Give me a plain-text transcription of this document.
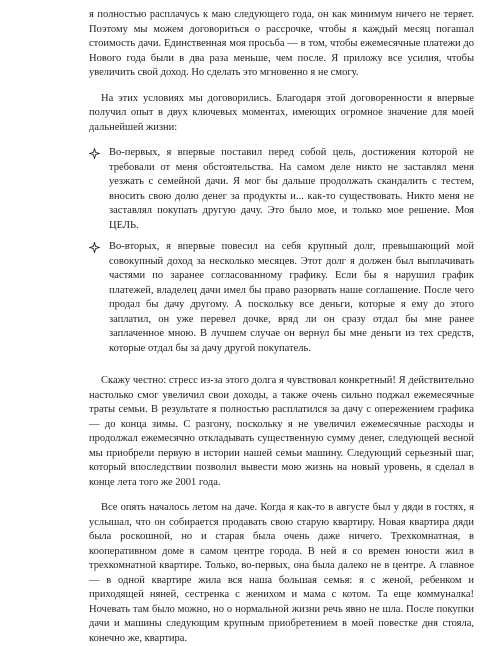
я полностью расплачусь к маю следующего года, он как минимум ничего не теряет. Поэтому мы можем договориться о рассрочке, чтобы я каждый месяц погашал стоимость дачи. Единственная моя просьба — в том, чтобы ежемесячные платежи до Нового года были в два раза меньше, чем после. Я приложу все усилия, чтобы увеличить свой доход. Но сделать это мгновенно я не смогу.

На этих условиях мы договорились. Благодаря этой договоренности я впервые получил опыт в двух ключевых моментах, имеющих огромное значение для моей дальнейшей жизни:

Во-первых, я впервые поставил перед собой цель, достижения которой не требовали от меня обстоятельства. На самом деле никто не заставлял меня уезжать с семейной дачи. Я мог бы дальше продолжать скандалить с тестем, вносить свою долю денег за продукты и... как-то существовать. Никто меня не заставлял покупать другую дачу. Это было мое, и только мое решение. Моя ЦЕЛЬ.
Во-вторых, я впервые повесил на себя крупный долг, превышающий мой совокупный доход за несколько месяцев. Этот долг я должен был выплачивать частями по заранее согласованному графику. Если бы я нарушил график платежей, владелец дачи имел бы право разорвать наше соглашение. После чего продал бы дачу другому. А поскольку все деньги, которые я ему до этого заплатил, он уже перевел дочке, вряд ли он сразу отдал бы мне ранее заплаченное мною. В лучшем случае он вернул бы мне деньги из тех средств, которые отдал бы за дачу другой покупатель.

Скажу честно: стресс из-за этого долга я чувствовал конкретный! Я действительно настолько смог увеличил свои доходы, а также очень сильно поджал ежемесячные траты семьи. В результате я полностью расплатился за дачу с опережением графика — до конца зимы. С разгону, поскольку я не увеличил ежемесячные расходы и продолжал ежемесячно откладывать существенную сумму денег, следующей весной мы приобрели первую в истории нашей семьи машину. Следующий серьезный шаг, который впоследствии позволил вывести мою жизнь на новый уровень, я сделал в конце лета того же 2001 года.

Все опять началось летом на даче. Когда я как-то в августе был у дяди в гостях, я услышал, что он собирается продавать свою старую квартиру. Новая квартира дяди была роскошной, но и старая была очень даже ничего. Трехкомнатная, в кооперативном доме в самом центре города. В ней я со времен юности жил в трехкомнатной квартире. Только, во-первых, она была далеко не в центре. А главное — в одной квартире жила вся наша большая семья: я с женой, ребенком и приходящей няней, сестренка с женихом и мама с котом. Та еще коммуналка! Ночевать там было можно, но о нормальной жизни речь явно не шла. После покупки дачи и машины следующим крупным приобретением в моей повестке дня стояла, конечно же, квартира.
